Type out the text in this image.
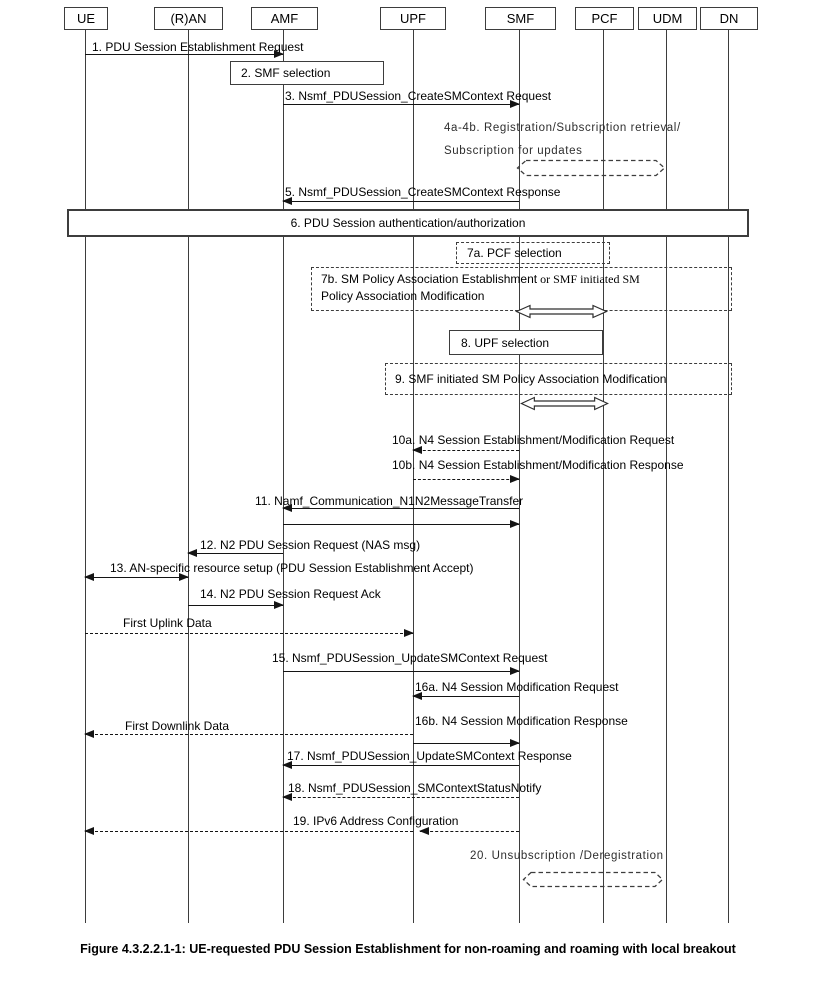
UE	(R)AN	AMF	UPF	SMF	PCF	UDM	DN
1. PDU Session Establishment Request
2. SMF selection
3. Nsmf_PDUSession_CreateSMContext Request
4a-4b. Registration/Subscription retrieval/
Subscription for updates
5. Nsmf_PDUSession_CreateSMContext Response
6. PDU Session authentication/authorization
7a. PCF selection
7b. SM Policy Association Establishment or SMF initiated SM
Policy Association Modification
8. UPF selection
9. SMF initiated SM Policy Association Modification
10a. N4 Session Establishment/Modification Request
10b. N4 Session Establishment/Modification Response
11. Namf_Communication_N1N2MessageTransfer
12. N2 PDU Session Request (NAS msg)
13. AN-specific resource setup (PDU Session Establishment Accept)
14. N2 PDU Session Request Ack
First Uplink Data
15. Nsmf_PDUSession_UpdateSMContext Request
16a. N4 Session Modification Request
16b. N4 Session Modification Response
First Downlink Data
17. Nsmf_PDUSession_UpdateSMContext Response
18. Nsmf_PDUSession_SMContextStatusNotify
19. IPv6 Address Configuration
20. Unsubscription /Deregistration
Figure 4.3.2.2.1-1: UE-requested PDU Session Establishment for non-roaming and roaming with local breakout
